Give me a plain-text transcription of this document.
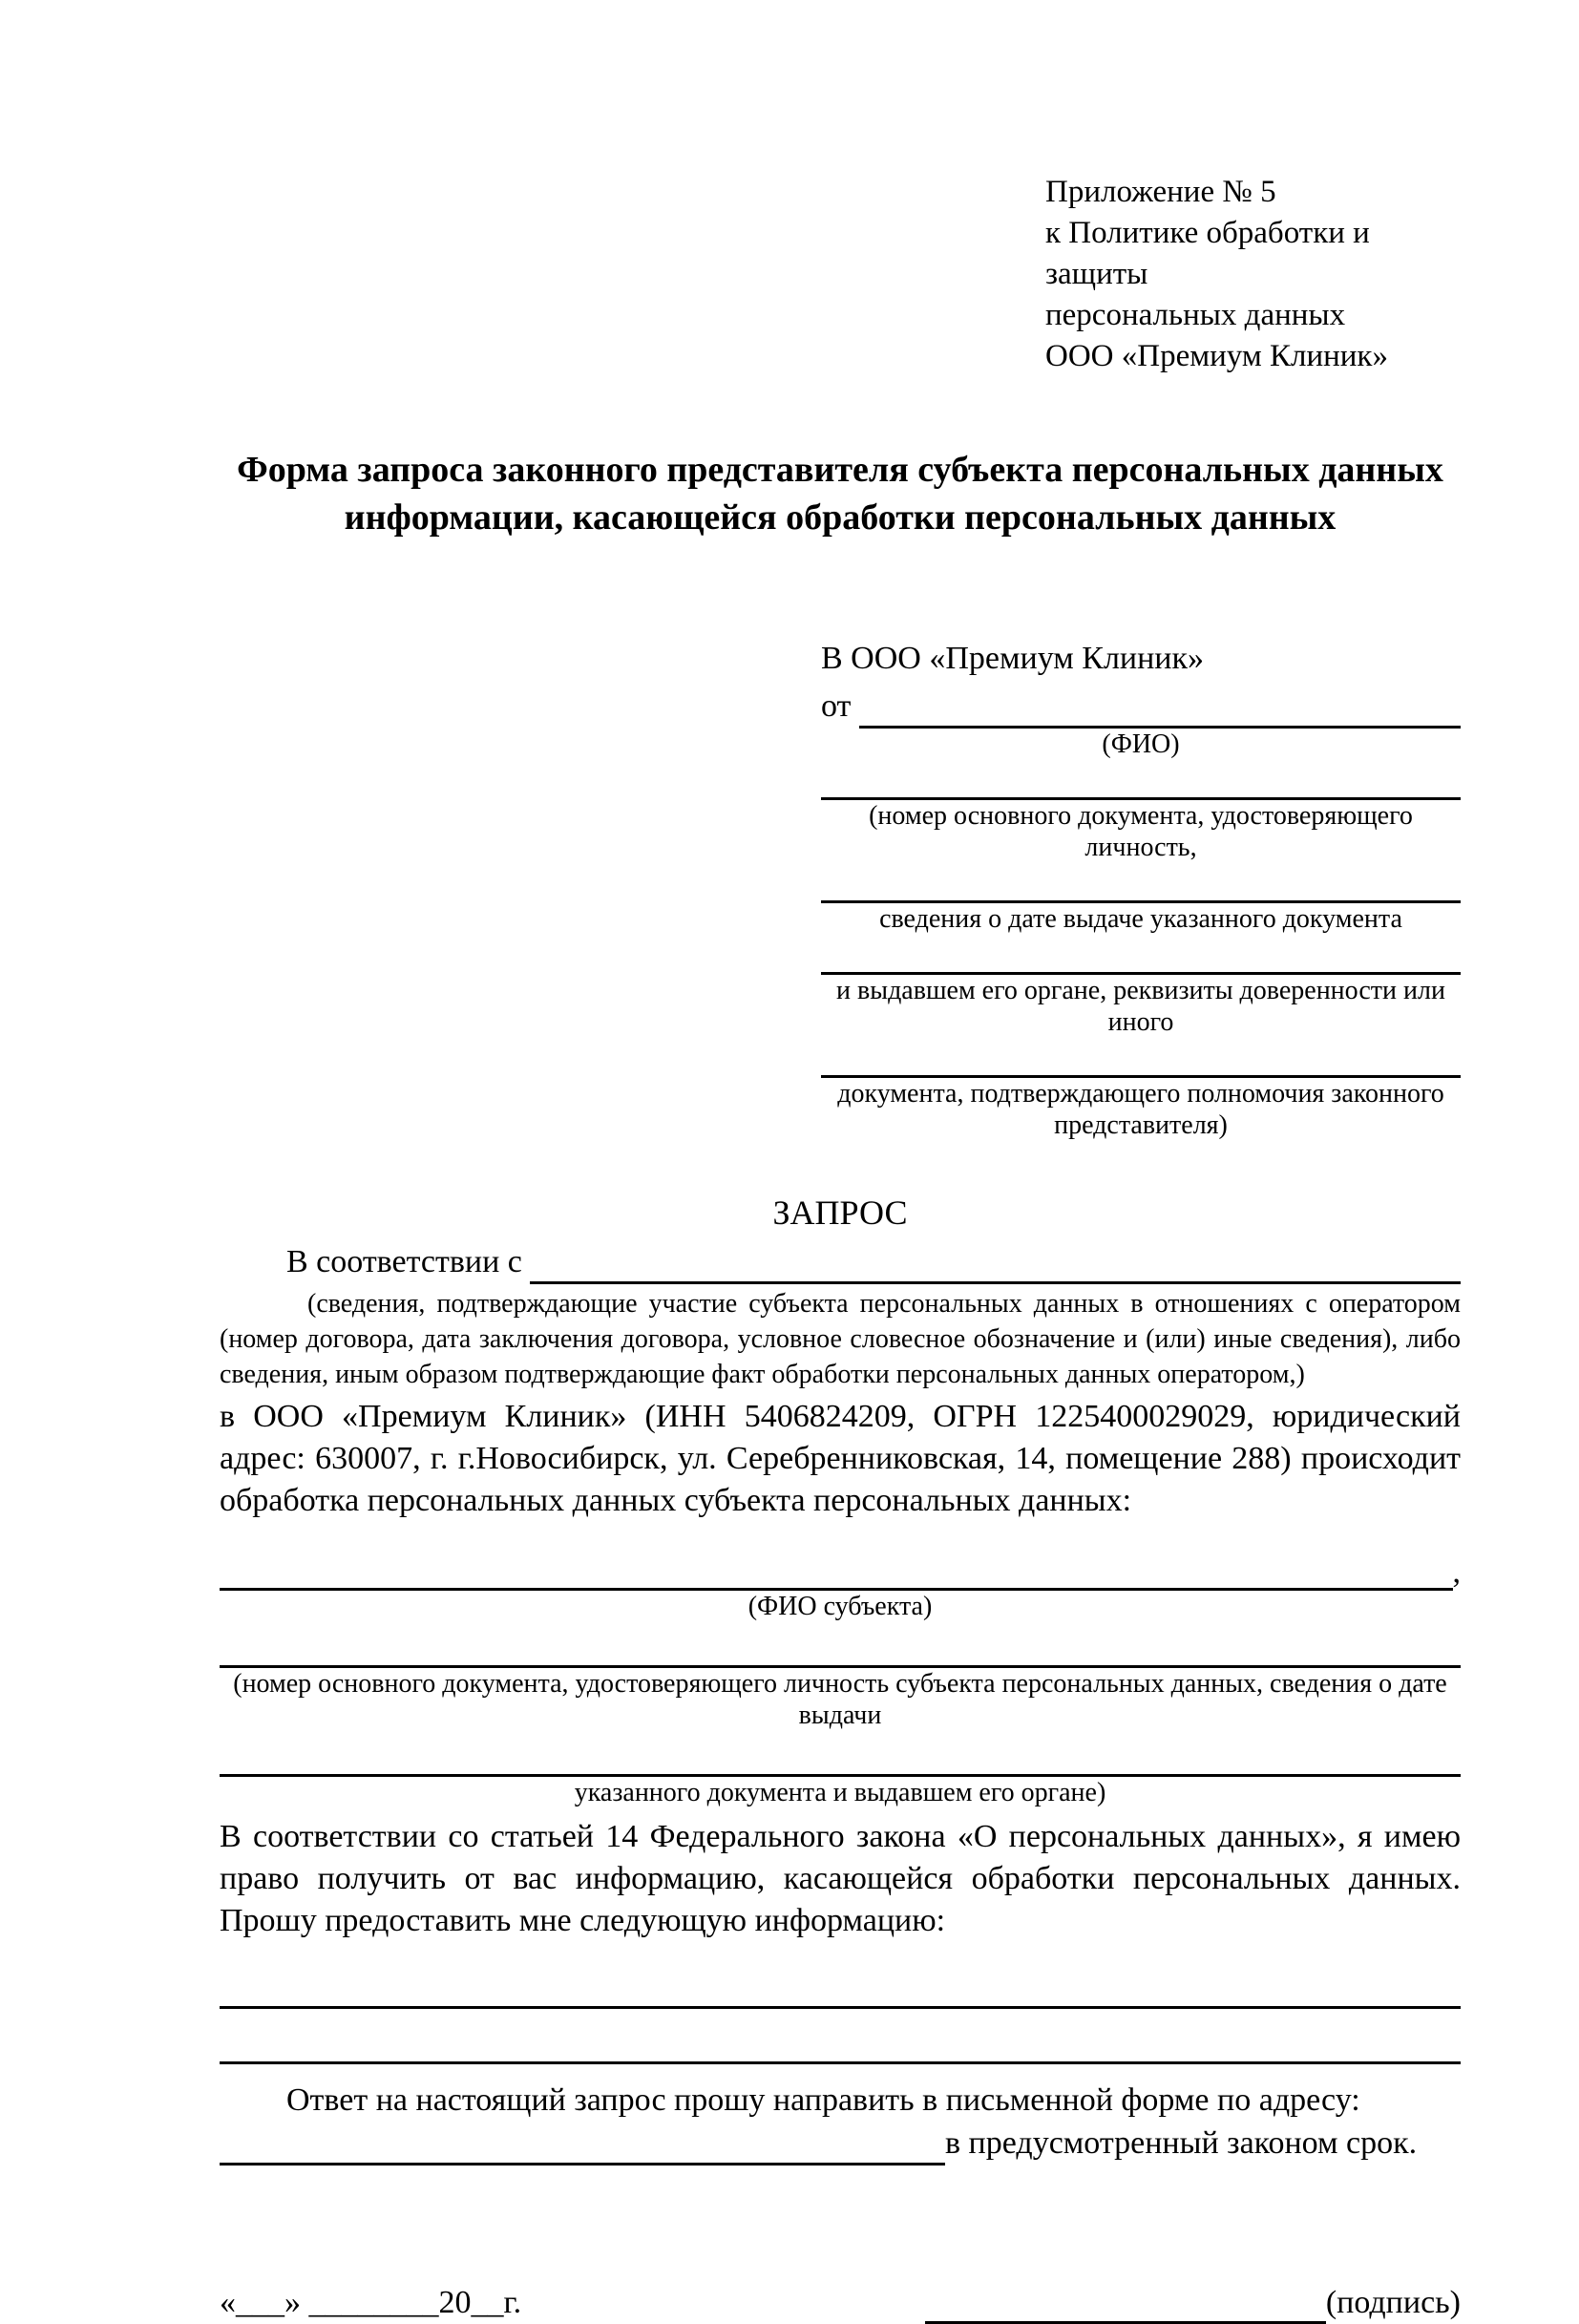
Приложение № 5
к Политике обработки и защиты
персональных данных
ООО «Премиум Клиник»
Форма запроса законного представителя субъекта персональных данных
информации, касающейся обработки персональных данных
В ООО «Премиум Клиник»
от
(ФИО)
(номер основного документа, удостоверяющего личность,
сведения о дате выдаче указанного документа
и выдавшем его органе, реквизиты доверенности или иного
документа, подтверждающего полномочия законного представителя)
ЗАПРОС
В соответствии с
(сведения, подтверждающие участие субъекта персональных данных в отношениях с оператором (номер договора, дата заключения договора, условное словесное обозначение и (или) иные сведения), либо сведения, иным образом подтверждающие факт обработки персональных данных оператором,)

в ООО «Премиум Клиник» (ИНН 5406824209, ОГРН 1225400029029, юридический адрес: 630007, г. г.Новосибирск, ул. Серебренниковская, 14, помещение 288) происходит обработка персональных данных субъекта персональных данных:

,
(ФИО субъекта)
(номер основного документа, удостоверяющего личность субъекта персональных данных, сведения о дате выдачи
указанного документа и выдавшем его органе)

В соответствии со статьей 14 Федерального закона «О персональных данных», я имею право получить от вас информацию, касающейся обработки персональных данных. Прошу предоставить мне следующую информацию:

Ответ на настоящий запрос прошу направить в письменной форме по адресу:

в предусмотренный законом срок.
«___» ________20__г.	(подпись)
